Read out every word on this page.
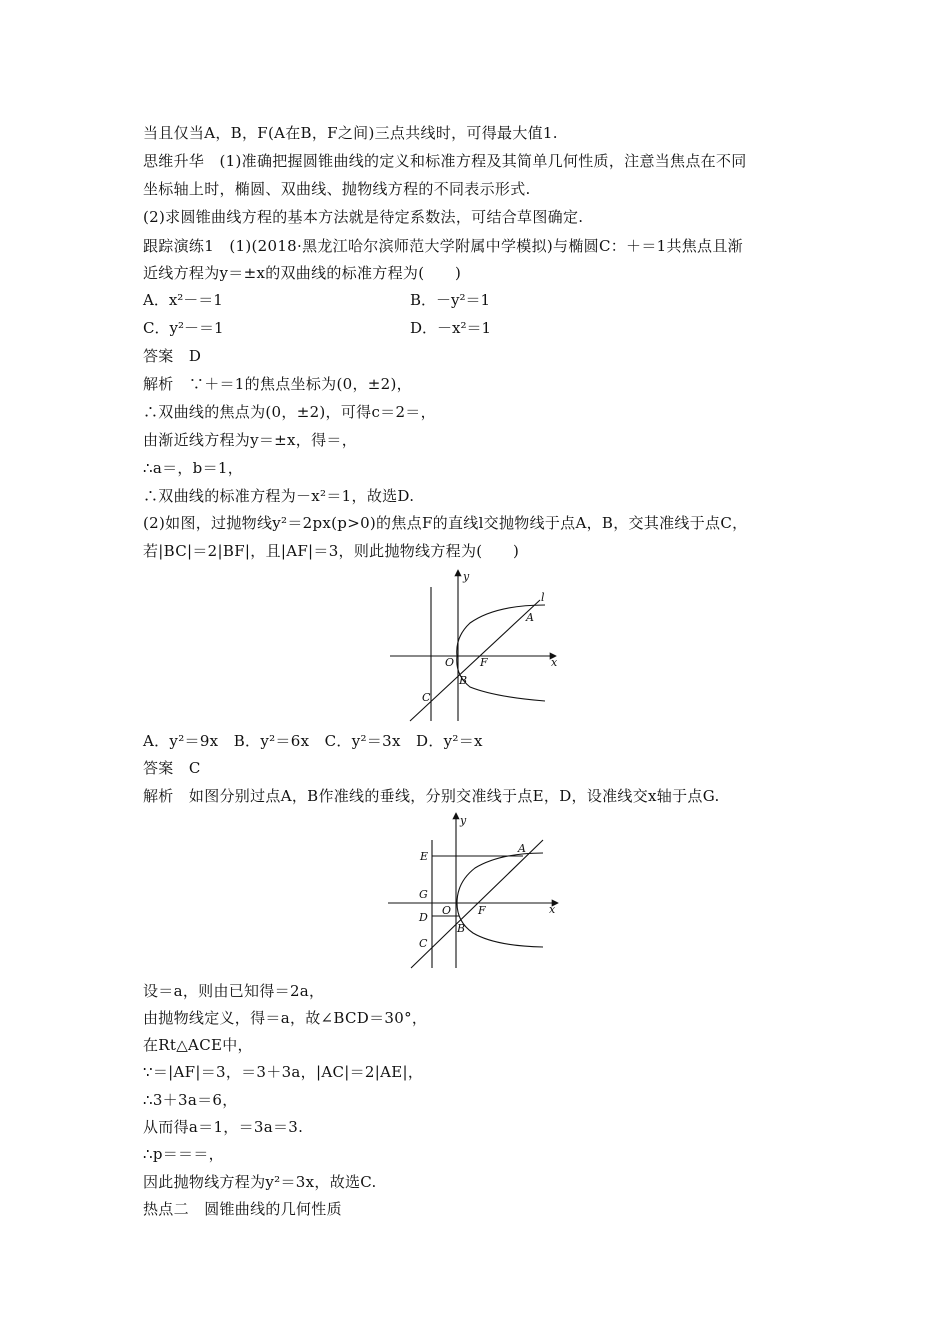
当且仅当A，B，F(A在B，F之间)三点共线时，可得最大值1.
思维升华　(1)准确把握圆锥曲线的定义和标准方程及其简单几何性质，注意当焦点在不同
坐标轴上时，椭圆、双曲线、抛物线方程的不同表示形式.
(2)求圆锥曲线方程的基本方法就是待定系数法，可结合草图确定.
跟踪演练1　(1)(2018·黑龙江哈尔滨师范大学附属中学模拟)与椭圆C：＋＝1共焦点且渐
近线方程为y＝±x的双曲线的标准方程为(　　)
A．x²－＝1	B．－y²＝1
C．y²－＝1	D．－x²＝1
答案　D
解析　∵＋＝1的焦点坐标为(0，±2)，
∴双曲线的焦点为(0，±2)，可得c＝2＝，
由渐近线方程为y＝±x，得＝，
∴a＝，b＝1，
∴双曲线的标准方程为－x²＝1，故选D.
(2)如图，过抛物线y²＝2px(p>0)的焦点F的直线l交抛物线于点A，B，交其准线于点C，
若|BC|＝2|BF|，且|AF|＝3，则此抛物线方程为(　　)
y
l
A
O F	x
B
C
A．y²＝9x　B．y²＝6x　C．y²＝3x　D．y²＝x
答案　C
解析　如图分别过点A，B作准线的垂线，分别交准线于点E，D，设准线交x轴于点G.
y
E
A
G
O F	x
D
B
C
设＝a，则由已知得＝2a，
由抛物线定义，得＝a，故∠BCD＝30°，
在Rt△ACE中，
∵＝|AF|＝3，＝3＋3a，|AC|＝2|AE|，
∴3＋3a＝6，
从而得a＝1，＝3a＝3.
∴p＝＝＝，
因此抛物线方程为y²＝3x，故选C.
热点二　圆锥曲线的几何性质
